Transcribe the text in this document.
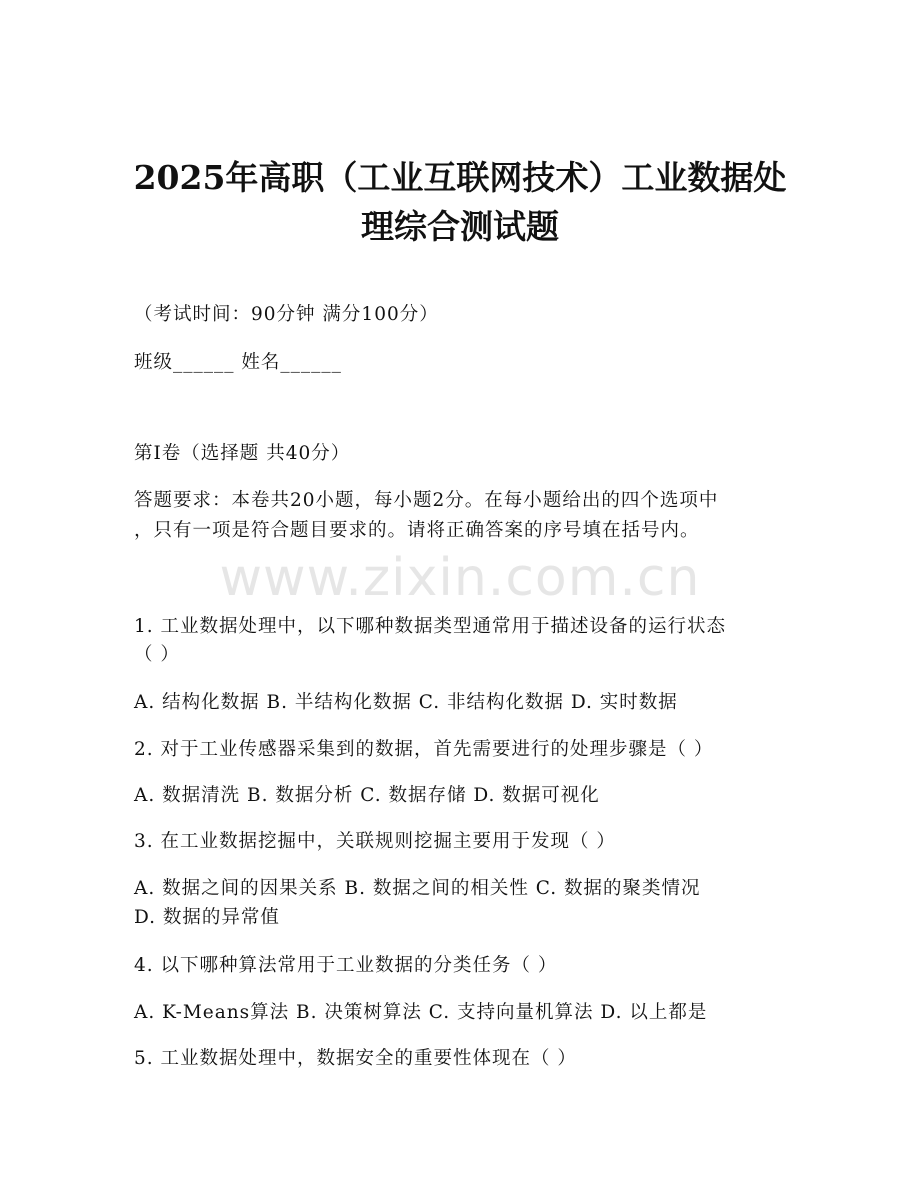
2025年高职（工业互联网技术）工业数据处
理综合测试题
（考试时间：90分钟 满分100分）
班级______ 姓名______
第I卷（选择题 共40分）
答题要求：本卷共20小题，每小题2分。在每小题给出的四个选项中
，只有一项是符合题目要求的。请将正确答案的序号填在括号内。
www.zixin.com.cn
1. 工业数据处理中，以下哪种数据类型通常用于描述设备的运行状态
（ ）
A. 结构化数据 B. 半结构化数据 C. 非结构化数据 D. 实时数据
2. 对于工业传感器采集到的数据，首先需要进行的处理步骤是（ ）
A. 数据清洗 B. 数据分析 C. 数据存储 D. 数据可视化
3. 在工业数据挖掘中，关联规则挖掘主要用于发现（ ）
A. 数据之间的因果关系 B. 数据之间的相关性 C. 数据的聚类情况
D. 数据的异常值
4. 以下哪种算法常用于工业数据的分类任务（ ）
A. K-Means算法 B. 决策树算法 C. 支持向量机算法 D. 以上都是
5. 工业数据处理中，数据安全的重要性体现在（ ）
